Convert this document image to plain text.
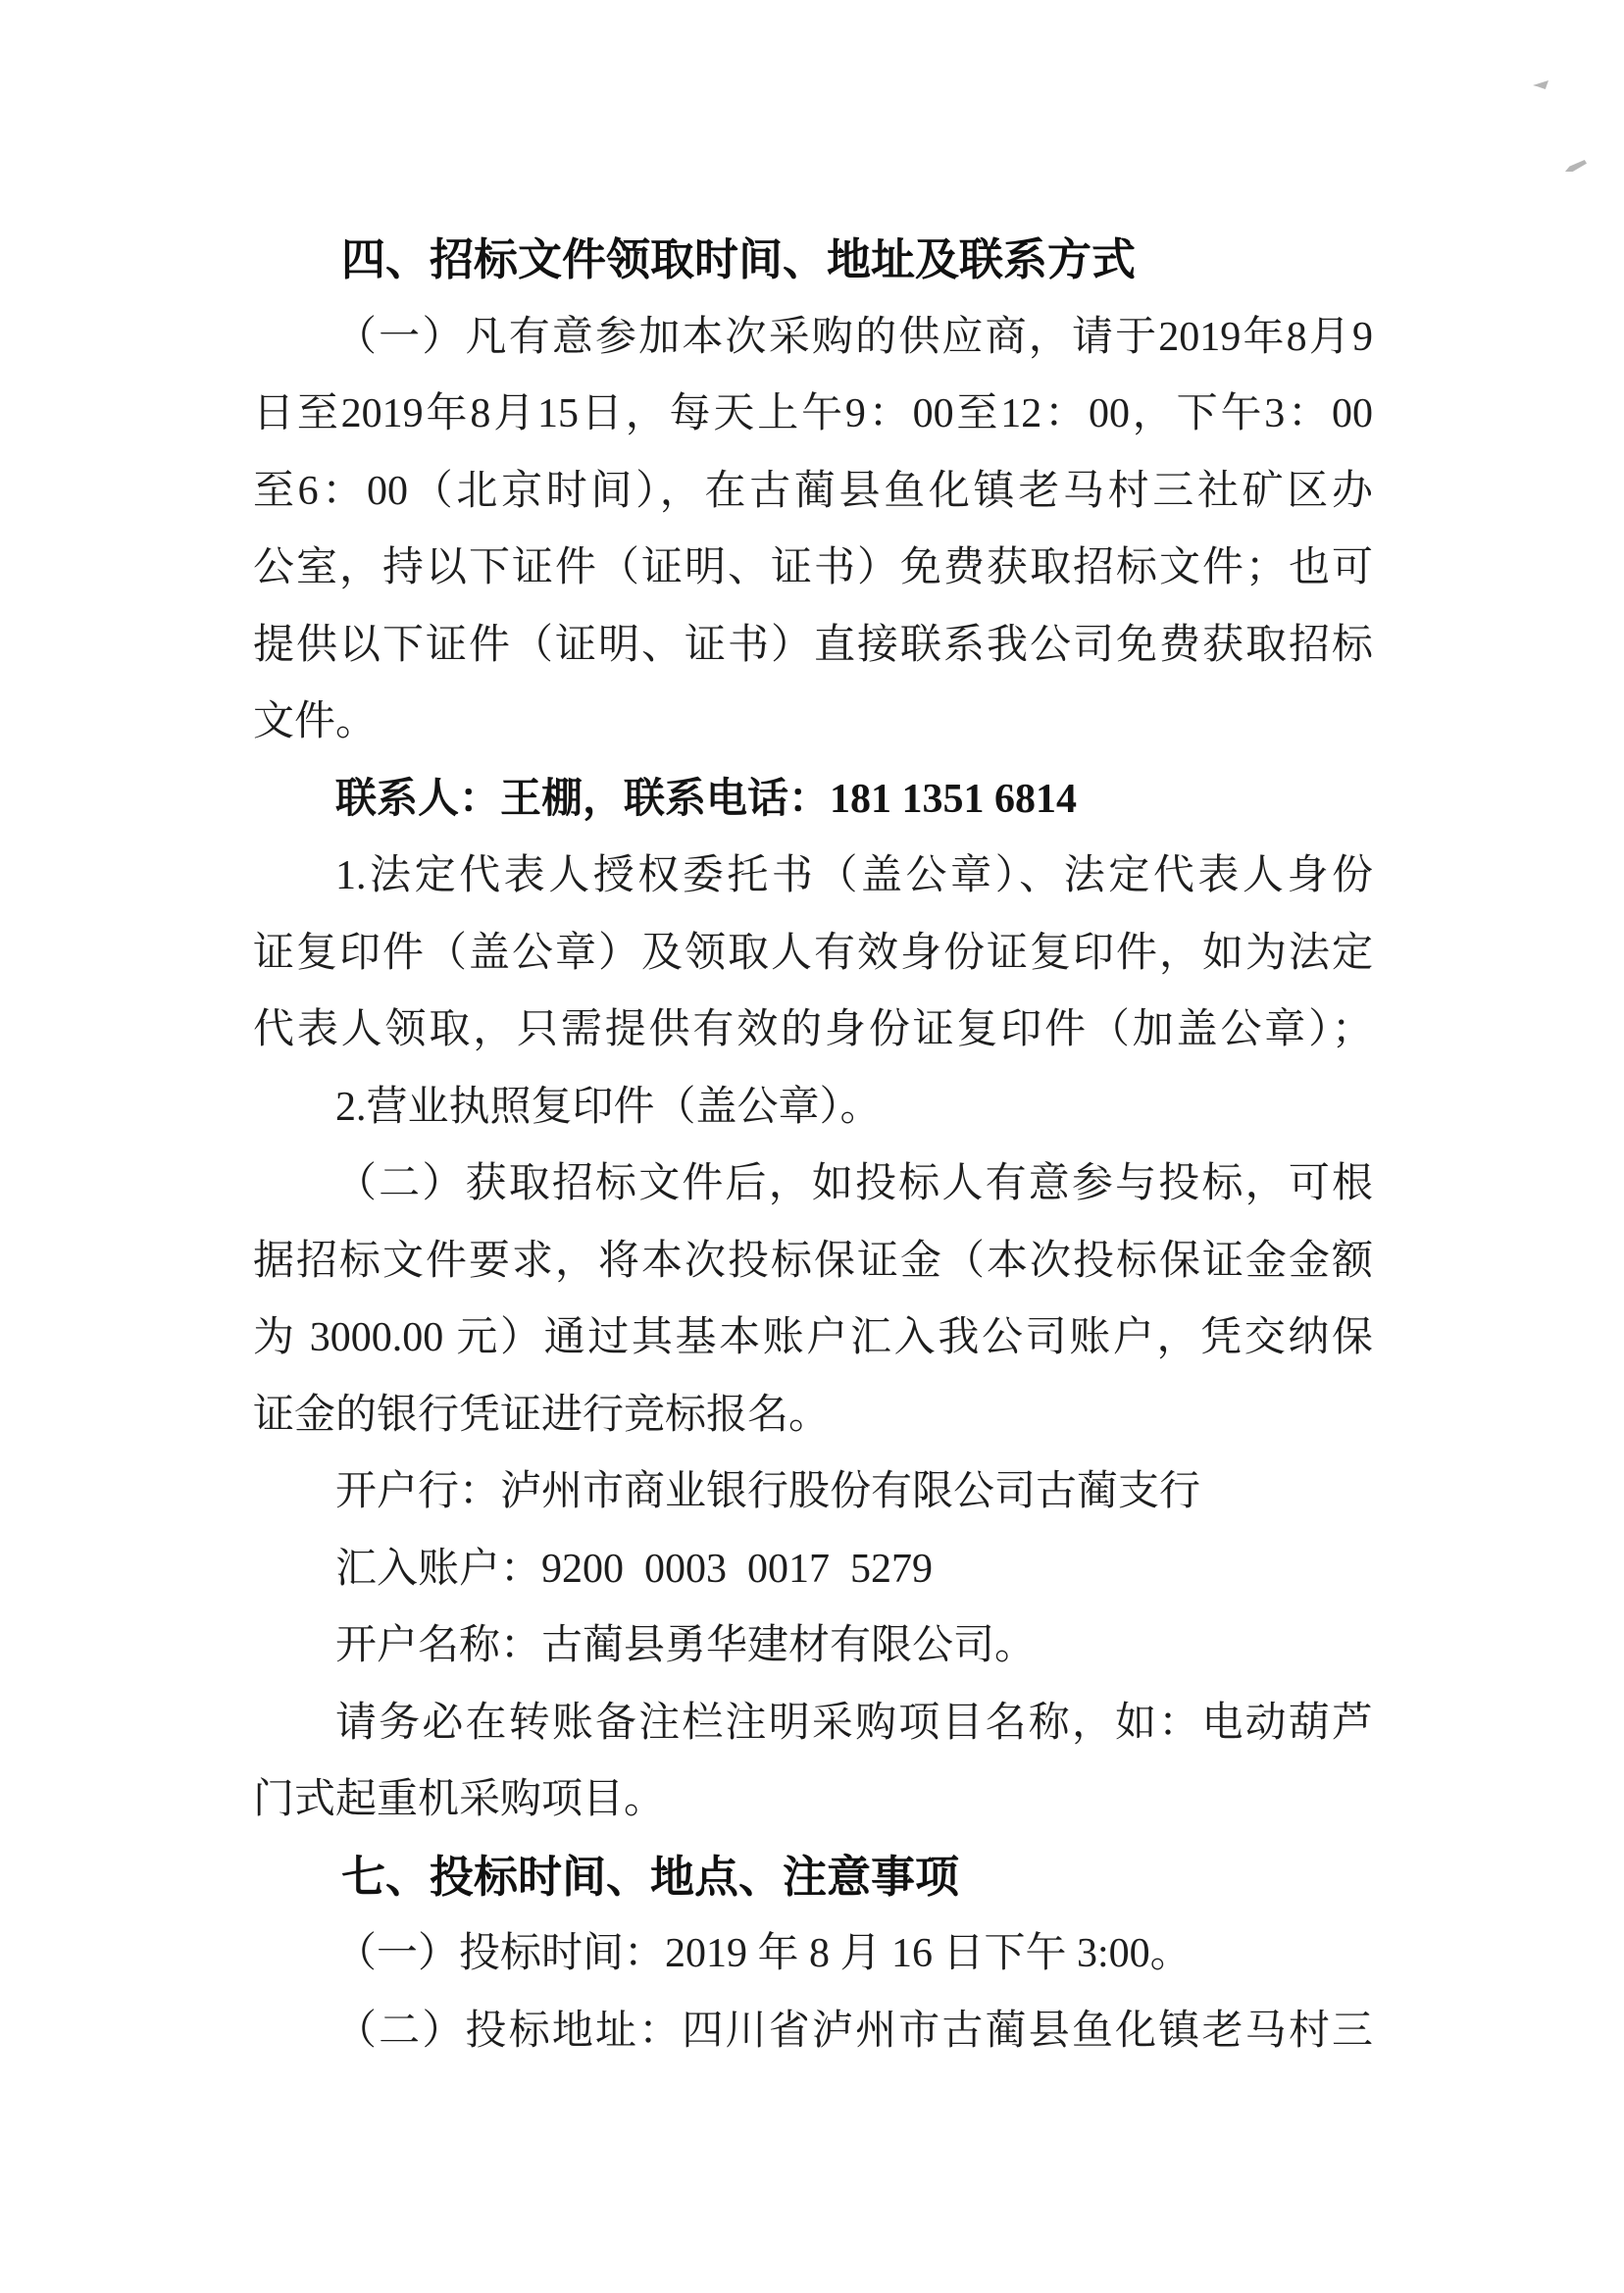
四、招标文件领取时间、地址及联系方式
（一）凡有意参加本次采购的供应商，请于2019年8月9
日至2019年8月15日，每天上午9：00至12：00，下午3：00
至6：00（北京时间），在古蔺县鱼化镇老马村三社矿区办
公室，持以下证件（证明、证书）免费获取招标文件；也可
提供以下证件（证明、证书）直接联系我公司免费获取招标
文件。
联系人：王棚，联系电话：181 1351 6814
1.法定代表人授权委托书（盖公章）、法定代表人身份
证复印件（盖公章）及领取人有效身份证复印件，如为法定
代表人领取，只需提供有效的身份证复印件（加盖公章）；
2.营业执照复印件（盖公章）。
（二）获取招标文件后，如投标人有意参与投标，可根
据招标文件要求，将本次投标保证金（本次投标保证金金额
为 3000.00 元）通过其基本账户汇入我公司账户，凭交纳保
证金的银行凭证进行竞标报名。
开户行：泸州市商业银行股份有限公司古蔺支行
汇入账户：9200  0003  0017  5279
开户名称：古蔺县勇华建材有限公司。
请务必在转账备注栏注明采购项目名称，如：电动葫芦
门式起重机采购项目。
七、投标时间、地点、注意事项
（一）投标时间：2019 年 8 月 16 日下午 3:00。
（二）投标地址：四川省泸州市古蔺县鱼化镇老马村三
